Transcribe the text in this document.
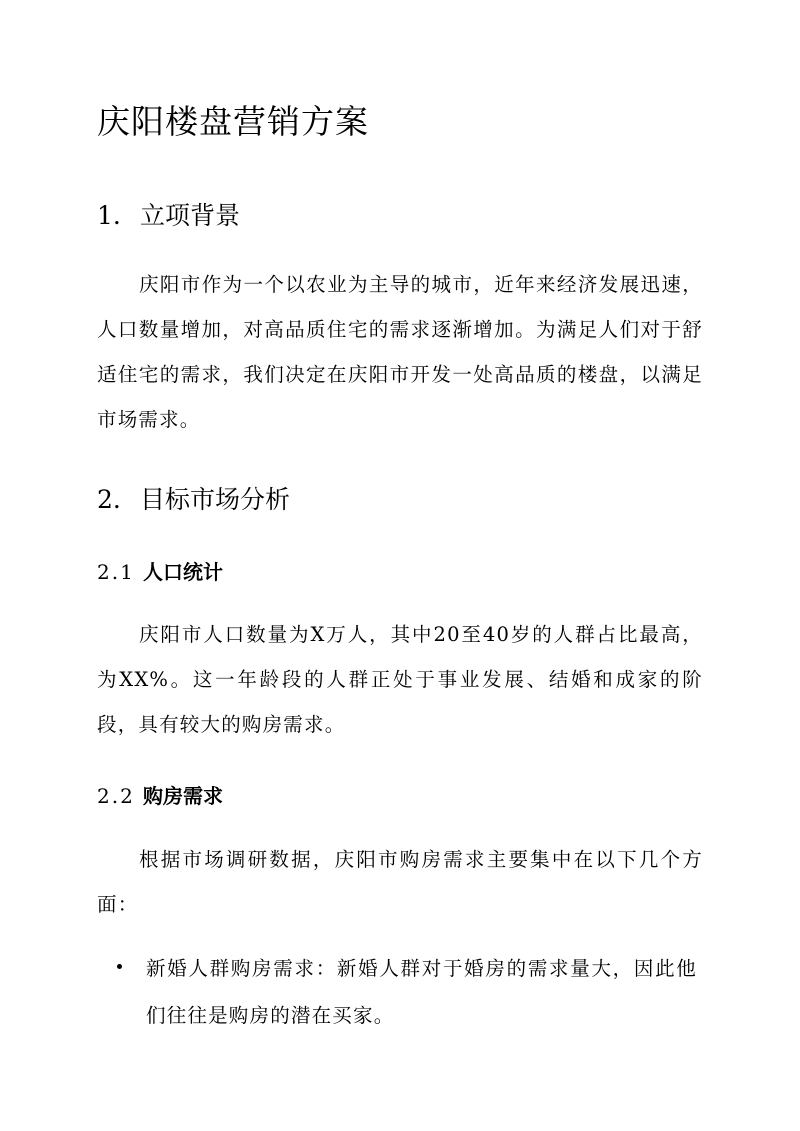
庆阳楼盘营销方案
1. 立项背景

庆阳市作为一个以农业为主导的城市，近年来经济发展迅速，人口数量增加，对高品质住宅的需求逐渐增加。为满足人们对于舒适住宅的需求，我们决定在庆阳市开发一处高品质的楼盘，以满足市场需求。

2. 目标市场分析
2.1 人口统计

庆阳市人口数量为X万人，其中20至40岁的人群占比最高，为XX%。这一年龄段的人群正处于事业发展、结婚和成家的阶段，具有较大的购房需求。

2.2 购房需求

根据市场调研数据，庆阳市购房需求主要集中在以下几个方面：

新婚人群购房需求：新婚人群对于婚房的需求量大，因此他们往往是购房的潜在买家。
